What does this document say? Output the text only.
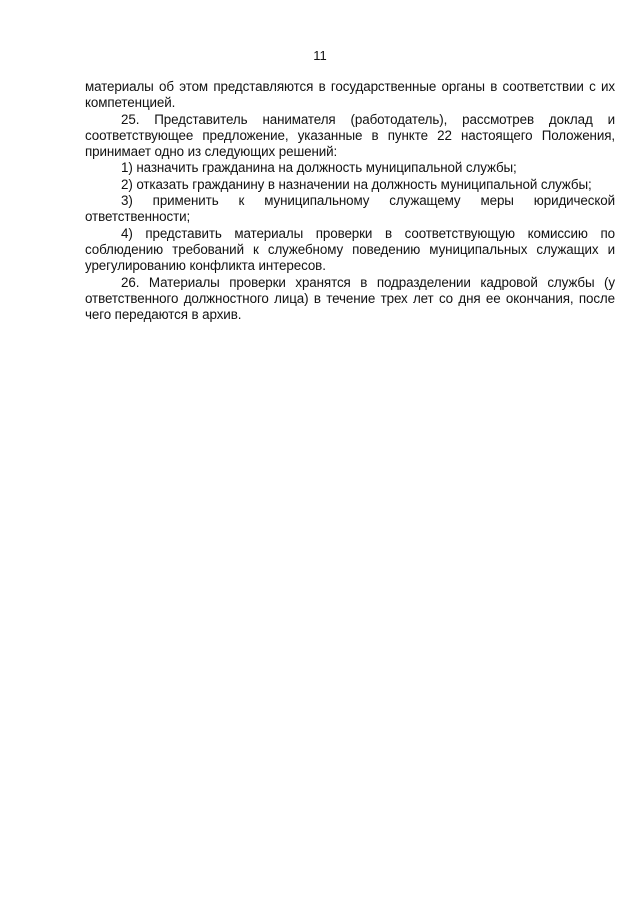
11

материалы об этом представляются в государственные органы в соответствии с их компетенцией.

25. Представитель нанимателя (работодатель), рассмотрев доклад и соответствующее предложение, указанные в пункте 22 настоящего Положения, принимает одно из следующих решений:

1) назначить гражданина на должность муниципальной службы;

2) отказать гражданину в назначении на должность муниципальной службы;

3) применить к муниципальному служащему меры юридической ответственности;

4) представить материалы проверки в соответствующую комиссию по соблюдению требований к служебному поведению муниципальных служащих и урегулированию конфликта интересов.

26. Материалы проверки хранятся в подразделении кадровой службы (у ответственного должностного лица) в течение трех лет со дня ее окончания, после чего передаются в архив.
